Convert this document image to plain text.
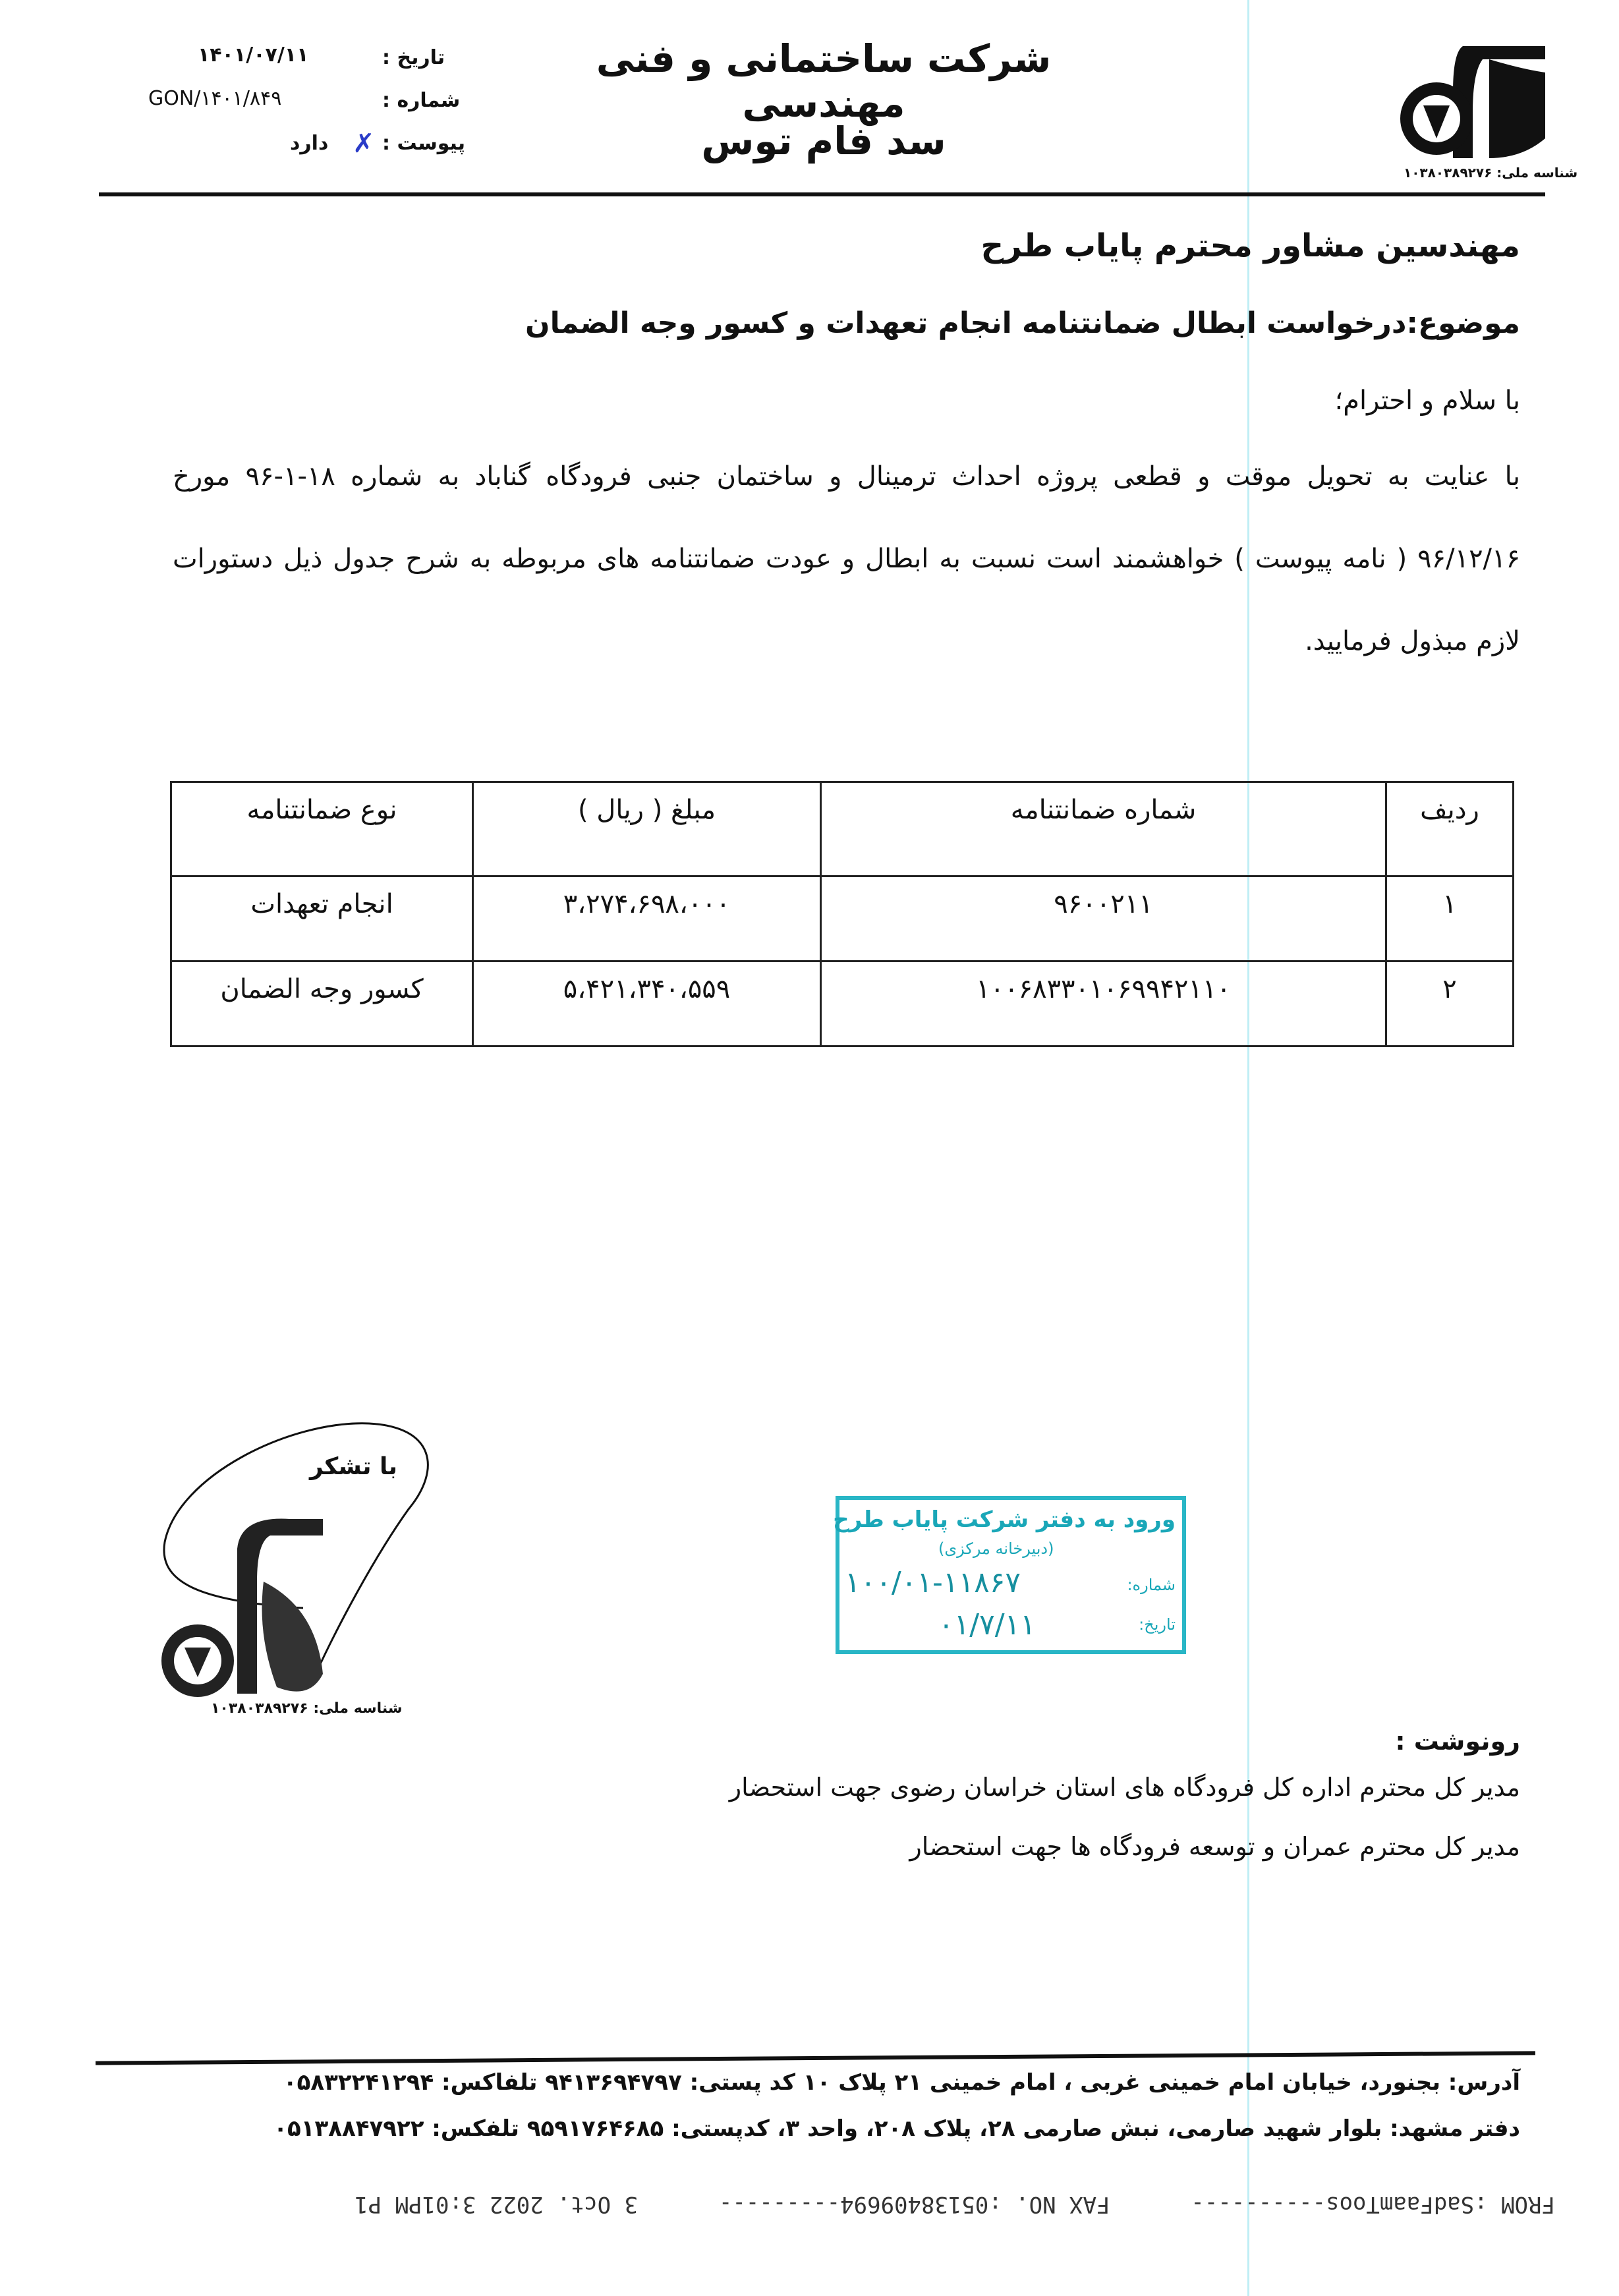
شناسه ملی: ۱۰۳۸۰۳۸۹۲۷۶
شرکت ساختمانی و فنی مهندسی
سد فام توس
تاریخ :
۱۴۰۱/۰۷/۱۱
شماره :
GON/۱۴۰۱/۸۴۹
پیوست :
✗
دارد
مهندسین مشاور محترم پایاب طرح
موضوع:درخواست ابطال ضمانتنامه انجام تعهدات و کسور وجه الضمان
با سلام و احترام؛
با عنایت به تحویل موقت و قطعی پروژه احداث ترمینال و ساختمان جنبی فرودگاه گناباد به شماره ۱۸-۱-۹۶ مورخ
۹۶/۱۲/۱۶ ( نامه پیوست ) خواهشمند است نسبت به ابطال و عودت ضمانتنامه های مربوطه به شرح جدول ذیل دستورات
لازم مبذول فرمایید.
ردیف	شماره ضمانتنامه	مبلغ ( ریال )	نوع ضمانتنامه
۱	۹۶۰۰۲۱۱	۳،۲۷۴،۶۹۸،۰۰۰	انجام تعهدات
۲	۱۰۰۶۸۳۳۰۱۰۶۹۹۴۲۱۱۰	۵،۴۲۱،۳۴۰،۵۵۹	کسور وجه الضمان
با تشکر
شناسه ملی: ۱۰۳۸۰۳۸۹۲۷۶
ورود به دفتر شرکت پایاب طرح
(دبیرخانه مرکزی)
شماره:
۱۰۰/۰۱-۱۱۸۶۷
تاریخ:
۰۱/۷/۱۱
رونوشت :
مدیر کل محترم اداره کل فرودگاه های استان خراسان رضوی جهت استحضار
مدیر کل محترم عمران و توسعه فرودگاه ها جهت استحضار
آدرس: بجنورد، خیابان امام خمینی غربی ، امام خمینی ۲۱ پلاک ۱۰ کد پستی: ۹۴۱۳۶۹۴۷۹۷ تلفاکس: ۰۵۸۳۲۲۴۱۲۹۴
دفتر مشهد: بلوار شهید صارمی، نبش صارمی ۲۸، پلاک ۲۰۸، واحد ۳، کدپستی: ۹۵۹۱۷۶۴۶۸۵ تلفکس: ۰۵۱۳۸۸۴۷۹۲۲
FROM :SadFaamToos----------      FAX NO. :05138409694---------      3 Oct. 2022 3:01PM P1
